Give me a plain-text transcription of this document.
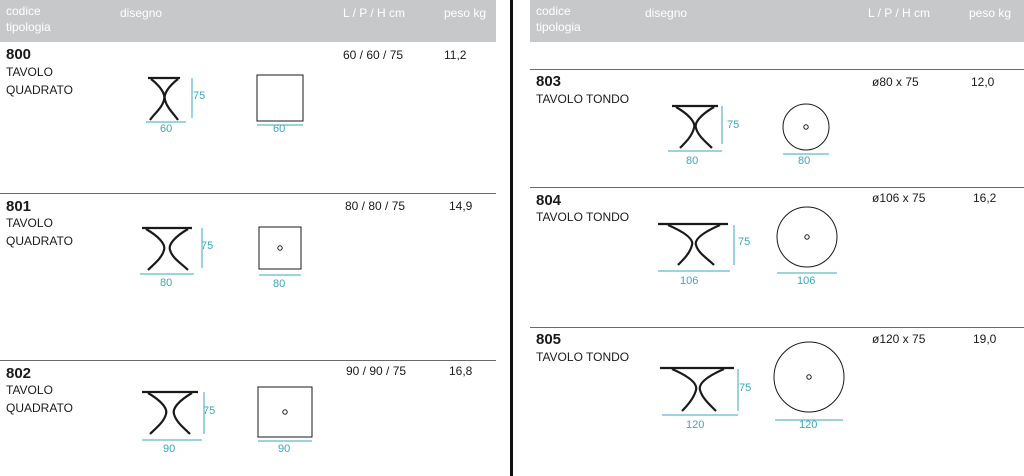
codice
tipologia
disegno	L / P / H cm	peso kg
800
TAVOLO
QUADRATO
60 / 60 / 75	11,2
75
60	60
801
TAVOLO
QUADRATO
80 / 80 / 75	14,9
75
80	80
802
TAVOLO
QUADRATO
90 / 90 / 75	16,8
75
90	90
codice
tipologia
disegno	L / P / H cm	peso kg
803
TAVOLO TONDO
ø80 x 75	12,0
75
80	80
804
TAVOLO TONDO
ø106 x 75	16,2
75
106	106
805
TAVOLO TONDO
ø120 x 75	19,0
75
120	120
